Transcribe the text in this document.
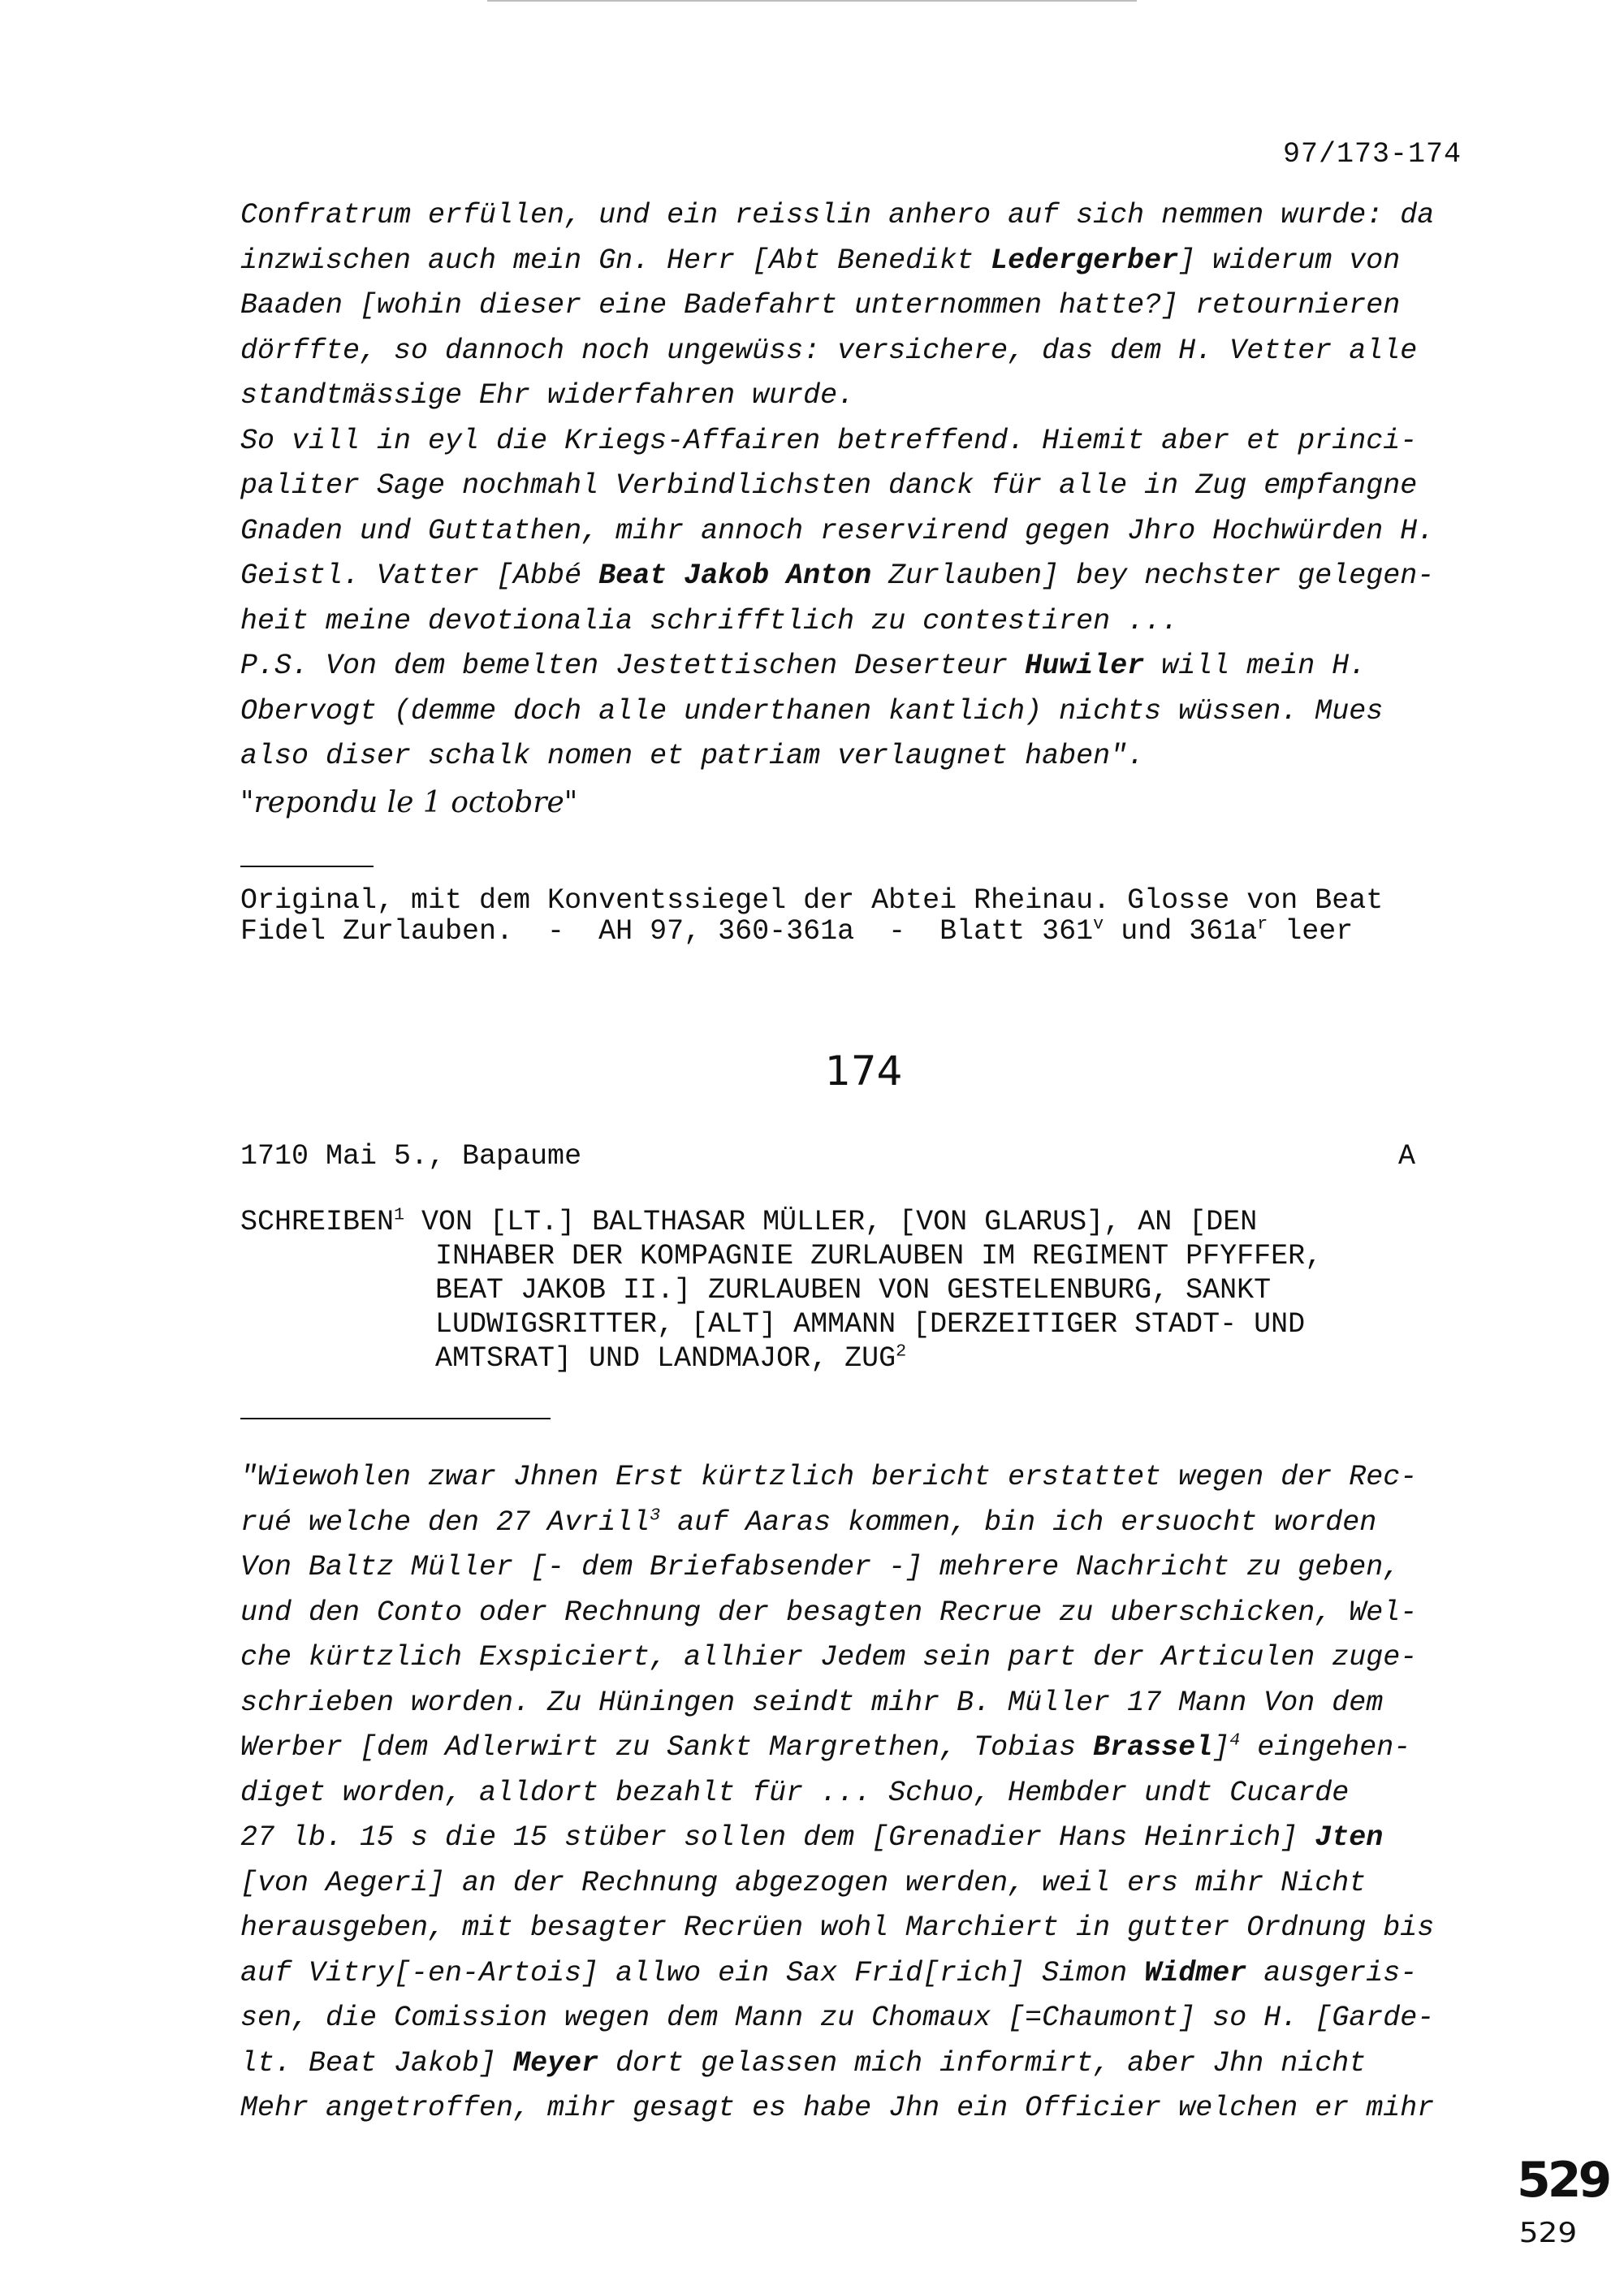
97/173-174
Confratrum erfüllen, und ein reisslin anhero auf sich nemmen wurde: da
inzwischen auch mein Gn. Herr [Abt Benedikt Ledergerber] widerum von
Baaden [wohin dieser eine Badefahrt unternommen hatte?] retournieren
dörffte, so dannoch noch ungewüss: versichere, das dem H. Vetter alle
standtmässige Ehr widerfahren wurde.
So vill in eyl die Kriegs-Affairen betreffend. Hiemit aber et princi-
paliter Sage nochmahl Verbindlichsten danck für alle in Zug empfangne
Gnaden und Guttathen, mihr annoch reservirend gegen Jhro Hochwürden H.
Geistl. Vatter [Abbé Beat Jakob Anton Zurlauben] bey nechster gelegen-
heit meine devotionalia schrifftlich zu contestiren ...
P.S. Von dem bemelten Jestettischen Deserteur Huwiler will mein H.
Obervogt (demme doch alle underthanen kantlich) nichts wüssen. Mues
also diser schalk nomen et patriam verlaugnet haben".
"repondu le 1 octobre"
Original, mit dem Konventssiegel der Abtei Rheinau. Glosse von Beat
Fidel Zurlauben.  -  AH 97, 360-361a  -  Blatt 361$^v$ und $361a^r$ leer
174
1710 Mai 5., Bapaume	A
SCHREIBEN$^1$ VON [LT.] BALTHASAR MÜLLER, [VON GLARUS], AN [DEN
INHABER DER KOMPAGNIE ZURLAUBEN IM REGIMENT PFYFFER,
BEAT JAKOB II.] ZURLAUBEN VON GESTELENBURG, SANKT
LUDWIGSRITTER, [ALT] AMMANN [DERZEITIGER STADT- UND
AMTSRAT] UND LANDMAJOR, ZUG$^2$
"Wiewohlen zwar Jhnen Erst kürtzlich bericht erstattet wegen der Rec-
rué welche den 27 Avrill$^3$ auf Aaras kommen, bin ich ersuocht worden
Von Baltz Müller [- dem Briefabsender -] mehrere Nachricht zu geben,
und den Conto oder Rechnung der besagten Recrue zu uberschicken, Wel-
che kürtzlich Exspiciert, allhier Jedem sein part der Articulen zuge-
schrieben worden. Zu Hüningen seindt mihr B. Müller 17 Mann Von dem
Werber [dem Adlerwirt zu Sankt Margrethen, Tobias Brassel]$^4$ eingehen-
diget worden, alldort bezahlt für ... Schuo, Hembder undt Cucarde
27 lb. 15 s die 15 stüber sollen dem [Grenadier Hans Heinrich] Jten
[von Aegeri] an der Rechnung abgezogen werden, weil ers mihr Nicht
herausgeben, mit besagter Recrüen wohl Marchiert in gutter Ordnung bis
auf Vitry[-en-Artois] allwo ein Sax Frid[rich] Simon Widmer ausgeris-
sen, die Comission wegen dem Mann zu Chomaux [=Chaumont] so H. [Garde-
lt. Beat Jakob] Meyer dort gelassen mich informirt, aber Jhn nicht
Mehr angetroffen, mihr gesagt es habe Jhn ein Officier welchen er mihr
529
529
